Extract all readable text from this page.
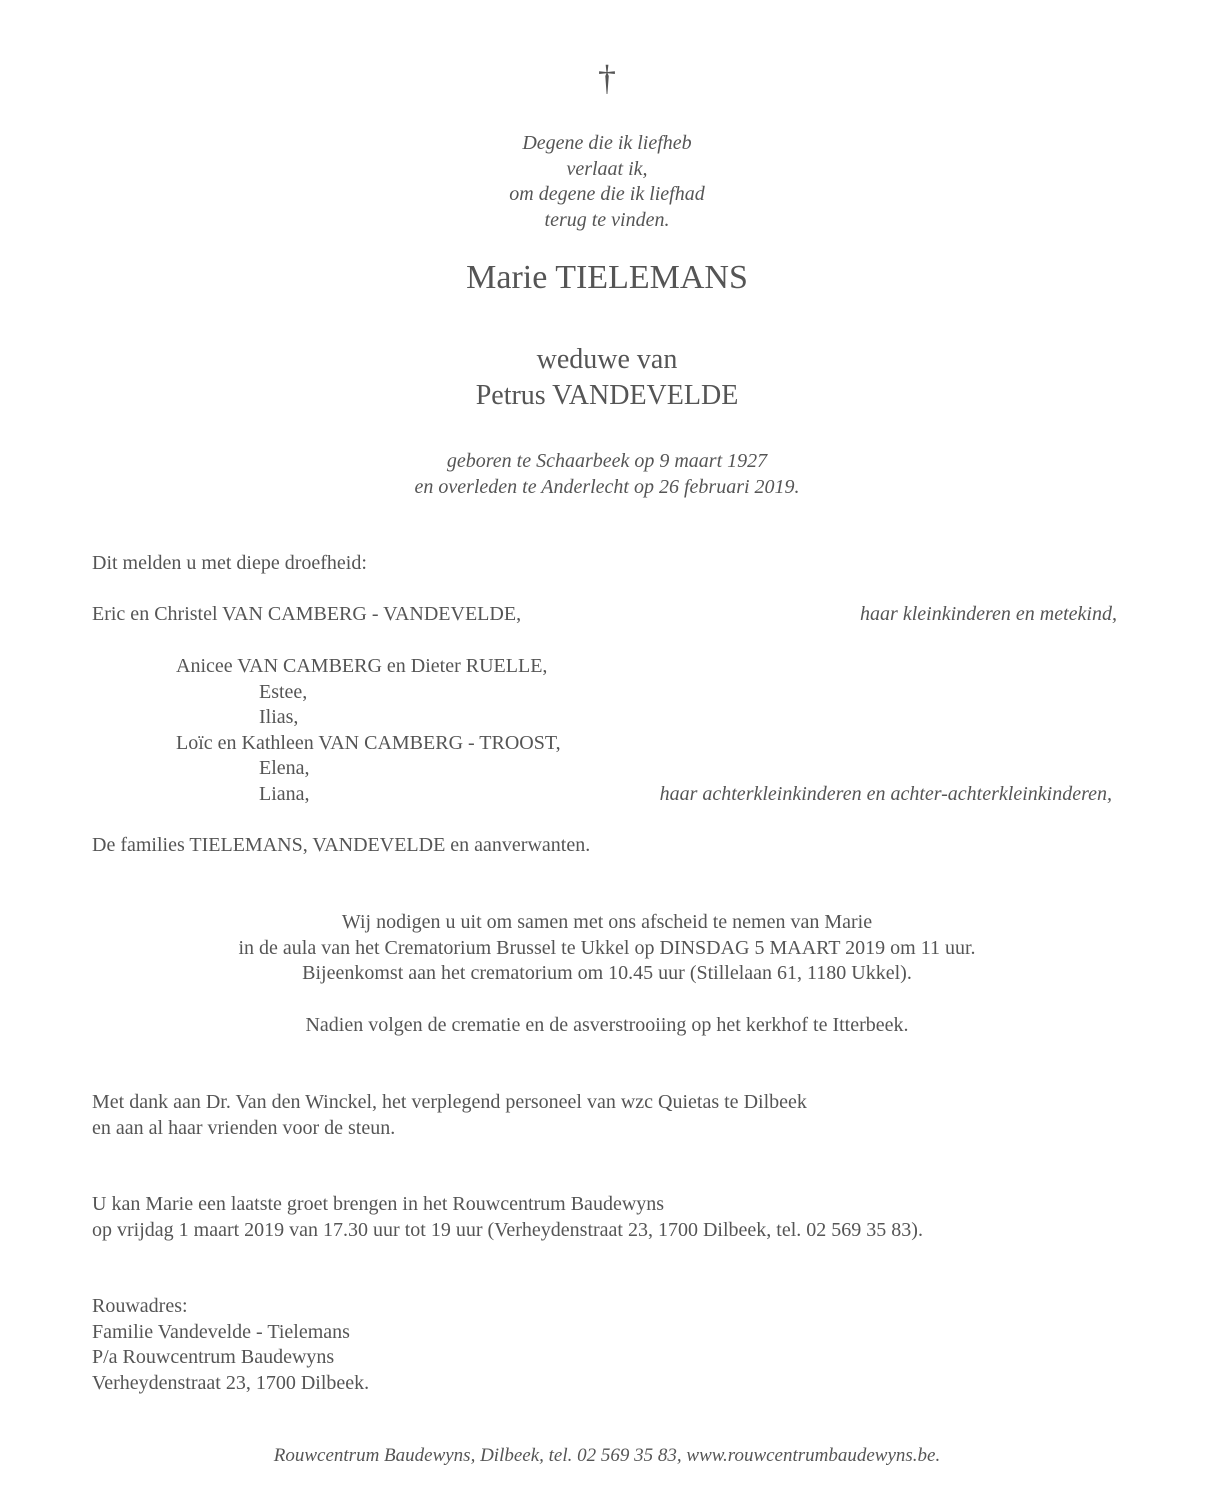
†
Degene die ik liefheb
verlaat ik,
om degene die ik liefhad
terug te vinden.
Marie TIELEMANS
weduwe van
Petrus VANDEVELDE
geboren te Schaarbeek op 9 maart 1927
en overleden te Anderlecht op 26 februari 2019.
Dit melden u met diepe droefheid:
Eric en Christel VAN CAMBERG - VANDEVELDE,	haar kleinkinderen en metekind,
Anicee VAN CAMBERG en Dieter RUELLE,
Estee,
Ilias,
Loïc en Kathleen VAN CAMBERG - TROOST,
Elena,
Liana,	haar achterkleinkinderen en achter-achterkleinkinderen,
De families TIELEMANS, VANDEVELDE en aanverwanten.
Wij nodigen u uit om samen met ons afscheid te nemen van Marie
in de aula van het Crematorium Brussel te Ukkel op DINSDAG 5 MAART 2019 om 11 uur.
Bijeenkomst aan het crematorium om 10.45 uur (Stillelaan 61, 1180 Ukkel).
Nadien volgen de crematie en de asverstrooiing op het kerkhof te Itterbeek.
Met dank aan Dr. Van den Winckel, het verplegend personeel van wzc Quietas te Dilbeek
en aan al haar vrienden voor de steun.
U kan Marie een laatste groet brengen in het Rouwcentrum Baudewyns
op vrijdag 1 maart 2019 van 17.30 uur tot 19 uur (Verheydenstraat 23, 1700 Dilbeek, tel. 02 569 35 83).
Rouwadres:
Familie Vandevelde - Tielemans
P/a Rouwcentrum Baudewyns
Verheydenstraat 23, 1700 Dilbeek.
Rouwcentrum Baudewyns, Dilbeek, tel. 02 569 35 83, www.rouwcentrumbaudewyns.be.
